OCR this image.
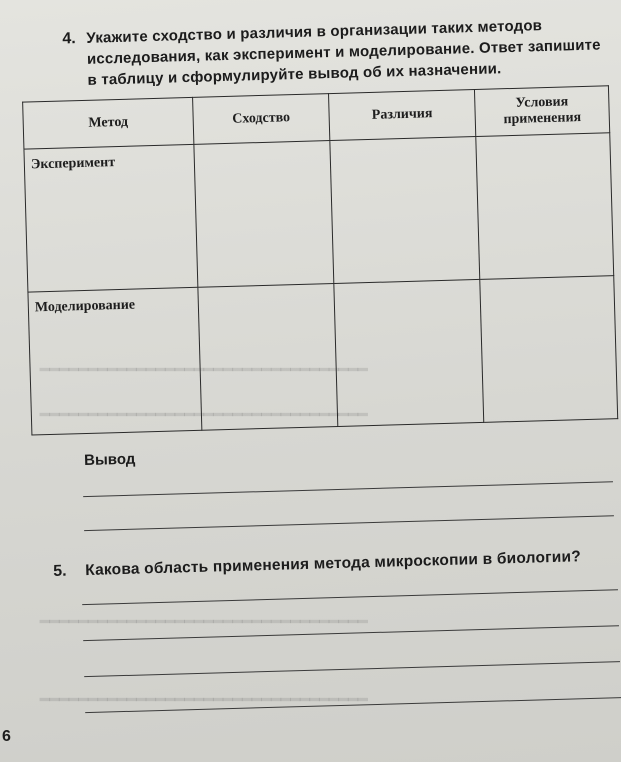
━━━━━━━━━━━━━━━━━━━━━━━━━━━━━━━━━━
━━━━━━━━━━━━━━━━━━━━━━━━━━━━━━━━━━
━━━━━━━━━━━━━━━━━━━━━━━━━━━━━━━━━━
━━━━━━━━━━━━━━━━━━━━━━━━━━━━━━━━━━
4. Укажите сходство и различия в организации таких методов исследования, как эксперимент и моделирование. Ответ запишите в таблицу и сформулируйте вывод об их назначении.
Метод	Сходство	Различия	Условия применения

Эксперимент			

Моделирование			

Вывод
5. Какова область применения метода микроскопии в биологии?
6
